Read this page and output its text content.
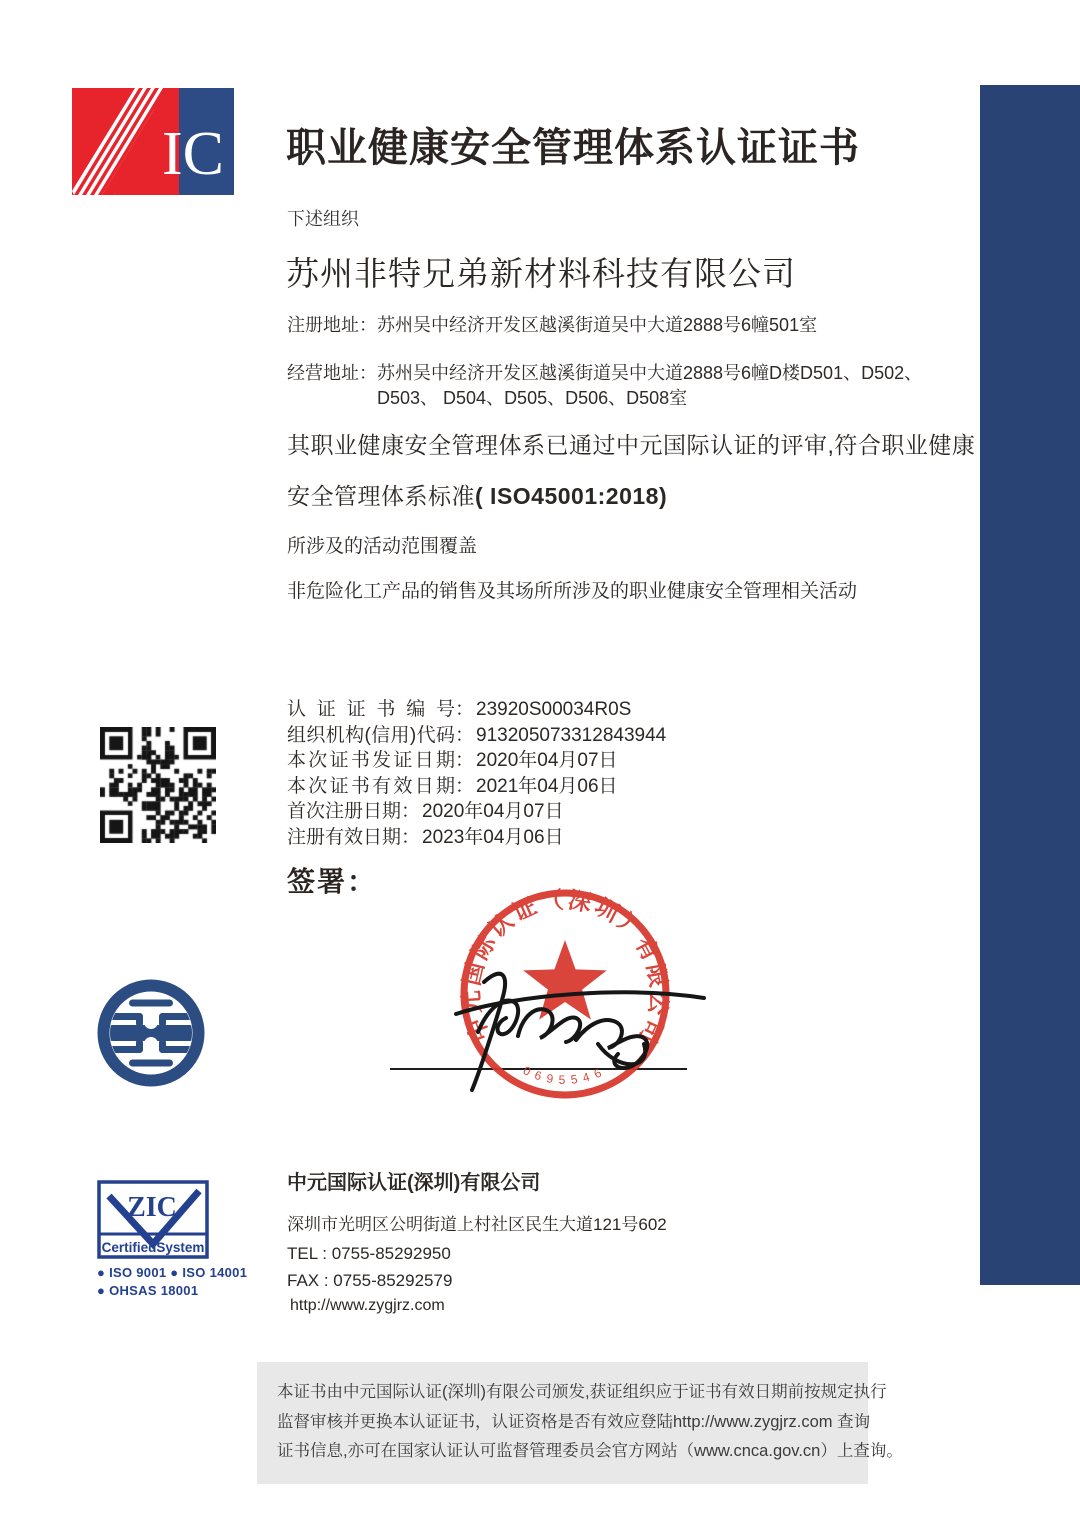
IC 职业健康安全管理体系认证证书
下述组织
苏州非特兄弟新材料科技有限公司
注册地址： 苏州吴中经济开发区越溪街道吴中大道2888号6幢501室
经营地址： 苏州吴中经济开发区越溪街道吴中大道2888号6幢D楼D501、D502、
D503、 D504、D505、D506、D508室
其职业健康安全管理体系已通过中元国际认证的评审,符合职业健康
安全管理体系标准( ISO45001:2018)
所涉及的活动范围覆盖
非危险化工产品的销售及其场所所涉及的职业健康安全管理相关活动
认证证书编号 ： 23920S00034R0S
组织机构(信用)代码 ： 913205073312843944
本次证书发证日期 ： 2020年04月07日
本次证书有效日期 ： 2021年04月06日
首次注册日期 ： 2020年04月07日
注册有效日期 ： 2023年04月06日
签署：
中元国际认证（深圳）有限公司
0695546
ZIC
CertifiedSystem
● ISO 9001 ● ISO 14001
● OHSAS 18001
中元国际认证(深圳)有限公司
深圳市光明区公明街道上村社区民生大道121号602
TEL : 0755-85292950
FAX : 0755-85292579
http://www.zygjrz.com
本证书由中元国际认证(深圳)有限公司颁发,获证组织应于证书有效日期前按规定执行
监督审核并更换本认证证书，认证资格是否有效应登陆http://www.zygjrz.com 查询
证书信息,亦可在国家认证认可监督管理委员会官方网站（www.cnca.gov.cn）上查询。
